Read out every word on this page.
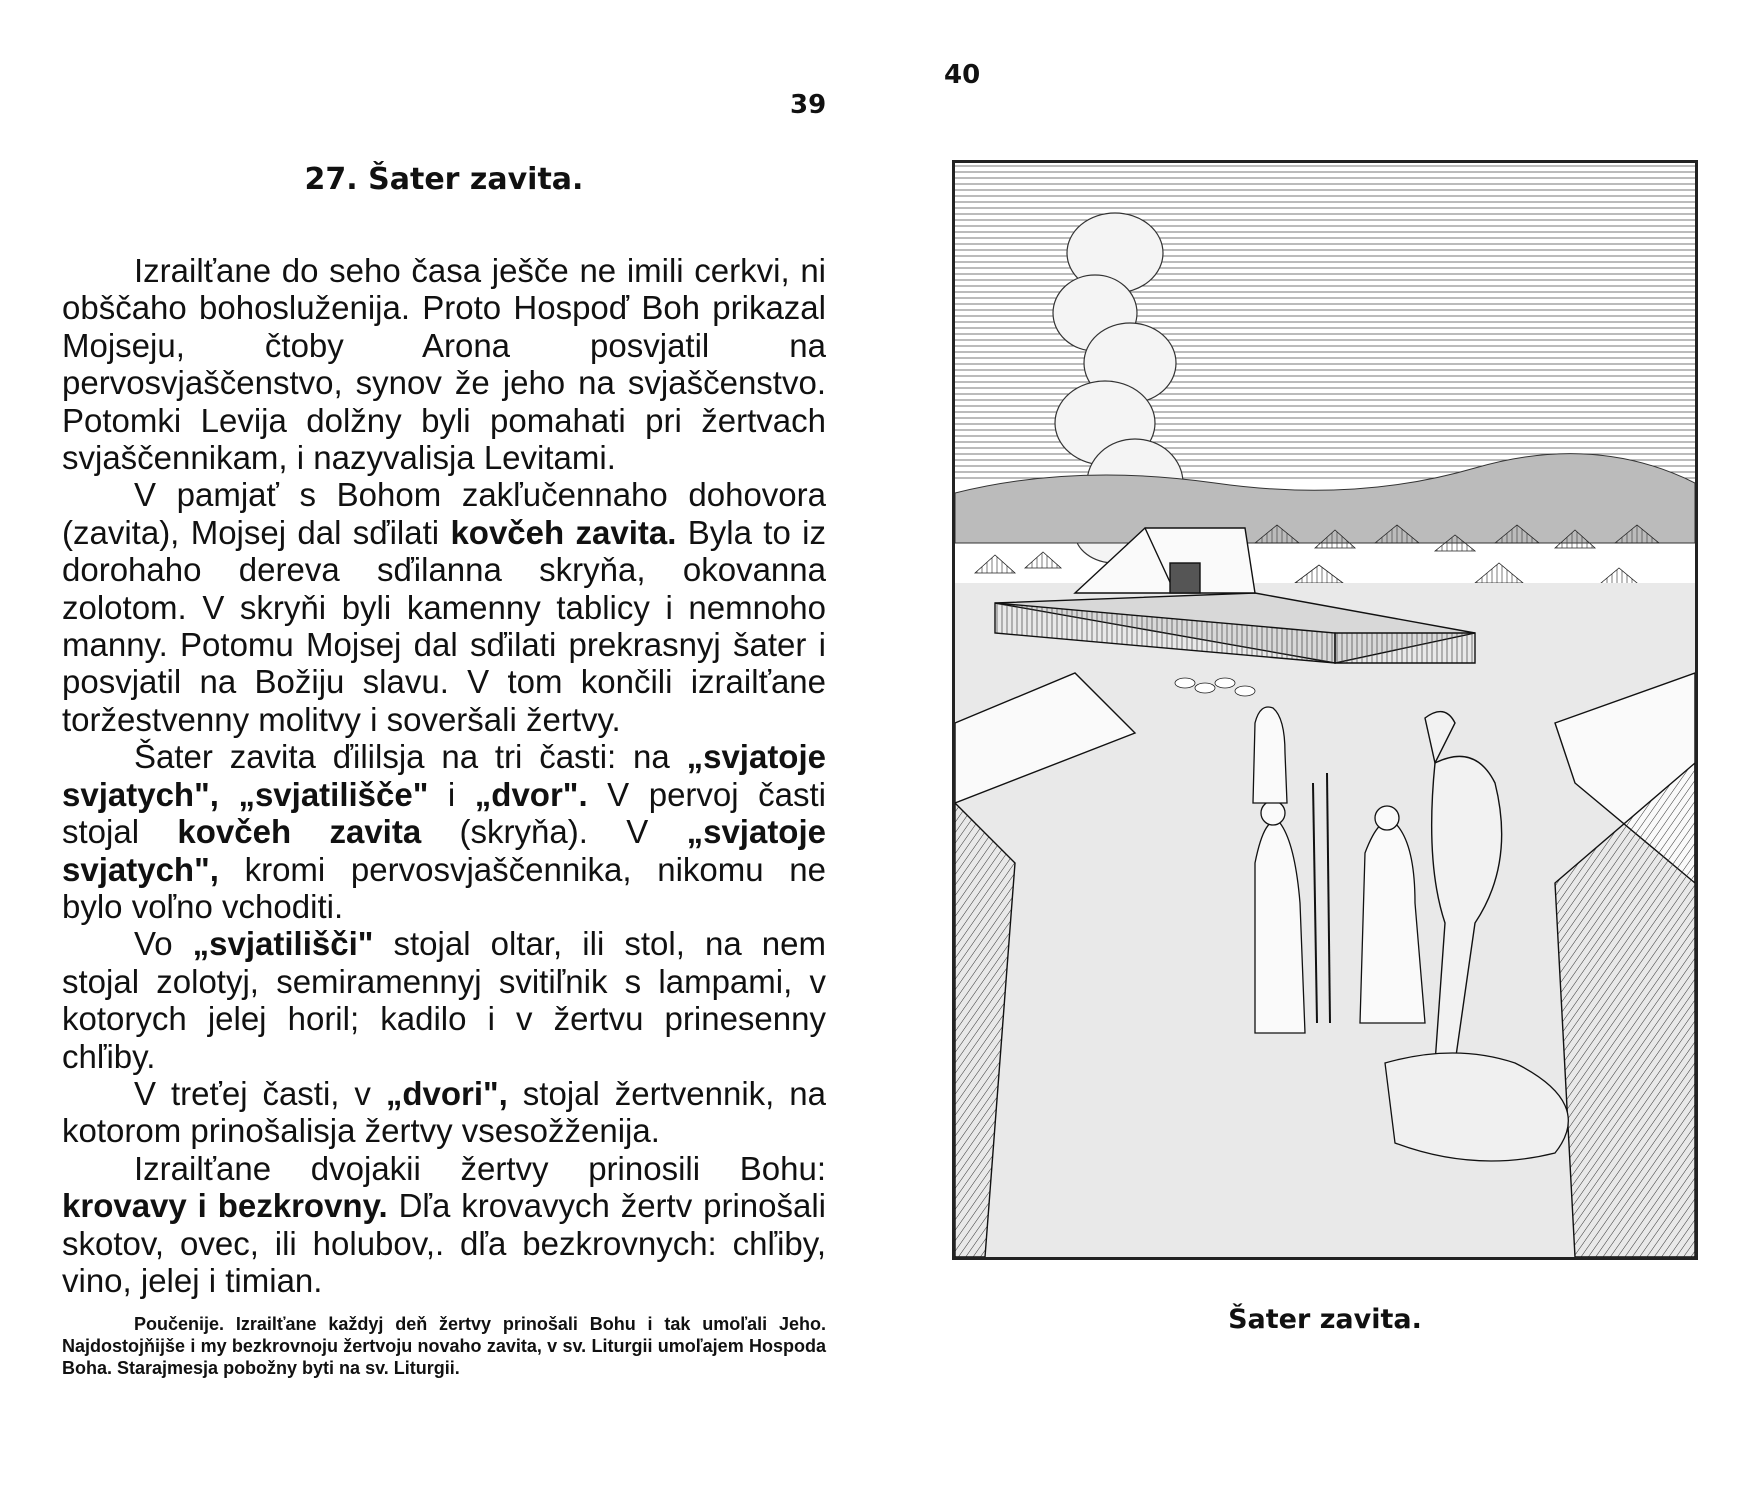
39
40
27. Šater zavita.

Izrailťane do seho časa ješče ne imili cerkvi, ni obščaho bohosluženija. Proto Hospoď Boh prikazal Mojseju, čtoby Arona posvjatil na pervosvjaščenstvo, synov že jeho na svjaščenstvo. Potomki Levija dolžny byli pomahati pri žertvach svjaščennikam, i nazyvalisja Levitami.

V pamjať s Bohom zakľučennaho dohovora (zavita), Mojsej dal sďilati kovčeh zavita. Byla to iz dorohaho dereva sďilanna skryňa, okovanna zolotom. V skryňi byli kamenny tablicy i nemnoho manny. Potomu Mojsej dal sďilati prekrasnyj šater i posvjatil na Božiju slavu. V tom končili izrailťane toržestvenny molitvy i soveršali žertvy.

Šater zavita ďililsja na tri časti: na „svjatoje svjatych", „svjatilišče" i „dvor". V pervoj časti stojal kovčeh zavita (skryňa). V „svjatoje svjatych", kromi pervosvjaščennika, nikomu ne bylo voľno vchoditi.

Vo „svjatilišči" stojal oltar, ili stol, na nem stojal zolotyj, semiramennyj svitiľnik s lampami, v kotorych jelej horil; kadilo i v žertvu prinesenny chľiby.

V treťej časti, v „dvori", stojal žertvennik, na kotorom prinošalisja žertvy vsesožženija.

Izrailťane dvojakii žertvy prinosili Bohu: krovavy i bezkrovny. Dľa krovavych žertv prinošali skotov, ovec, ili holubov,. dľa bezkrovnych: chľiby, vino, jelej i timian.

Poučenije. Izrailťane každyj deň žertvy prinošali Bohu i tak umoľali Jeho. Najdostojňijše i my bezkrovnoju žertvoju novaho zavita, v sv. Liturgii umoľajem Hospoda Boha. Starajmesja pobožny byti na sv. Liturgii.
Šater zavita.
